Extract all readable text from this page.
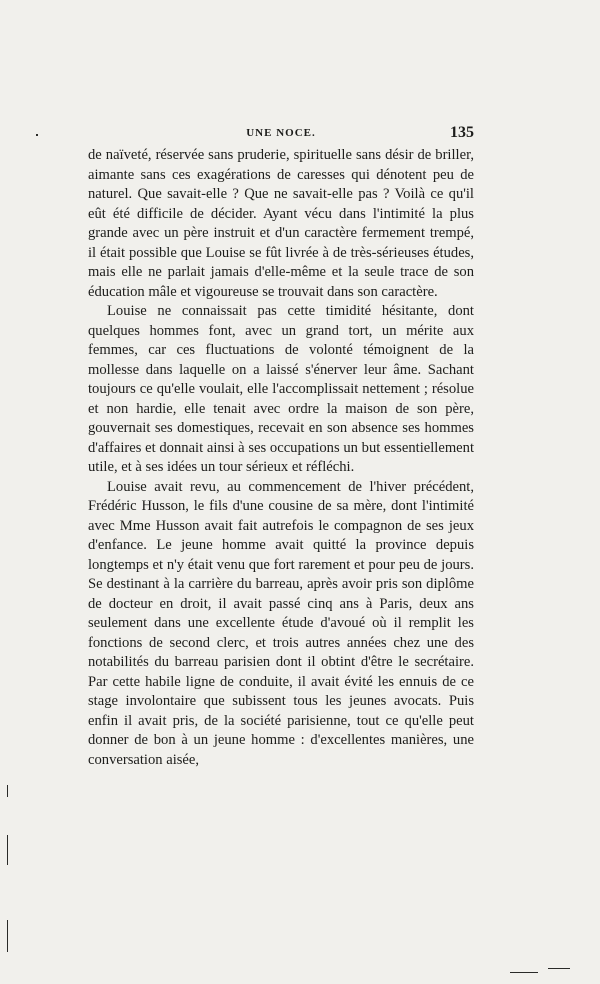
UNE NOCE.	135

de naïveté, réservée sans pruderie, spirituelle sans désir de briller, aimante sans ces exagérations de caresses qui dénotent peu de naturel. Que savait-elle ? Que ne savait-elle pas ? Voilà ce qu'il eût été difficile de décider. Ayant vécu dans l'intimité la plus grande avec un père instruit et d'un caractère fermement trempé, il était possible que Louise se fût livrée à de très-sérieuses études, mais elle ne parlait jamais d'elle-même et la seule trace de son éducation mâle et vigoureuse se trouvait dans son caractère.

Louise ne connaissait pas cette timidité hésitante, dont quelques hommes font, avec un grand tort, un mérite aux femmes, car ces fluctuations de volonté témoignent de la mollesse dans laquelle on a laissé s'énerver leur âme. Sachant toujours ce qu'elle voulait, elle l'accomplissait nettement ; résolue et non hardie, elle tenait avec ordre la maison de son père, gouvernait ses domestiques, recevait en son absence ses hommes d'affaires et donnait ainsi à ses occupations un but essentiellement utile, et à ses idées un tour sérieux et réfléchi.

Louise avait revu, au commencement de l'hiver précédent, Frédéric Husson, le fils d'une cousine de sa mère, dont l'intimité avec Mme Husson avait fait autrefois le compagnon de ses jeux d'enfance. Le jeune homme avait quitté la province depuis longtemps et n'y était venu que fort rarement et pour peu de jours. Se destinant à la carrière du barreau, après avoir pris son diplôme de docteur en droit, il avait passé cinq ans à Paris, deux ans seulement dans une excellente étude d'avoué où il remplit les fonctions de second clerc, et trois autres années chez une des notabilités du barreau parisien dont il obtint d'être le secrétaire. Par cette habile ligne de conduite, il avait évité les ennuis de ce stage involontaire que subissent tous les jeunes avocats. Puis enfin il avait pris, de la société parisienne, tout ce qu'elle peut donner de bon à un jeune homme : d'excellentes manières, une conversation aisée,
